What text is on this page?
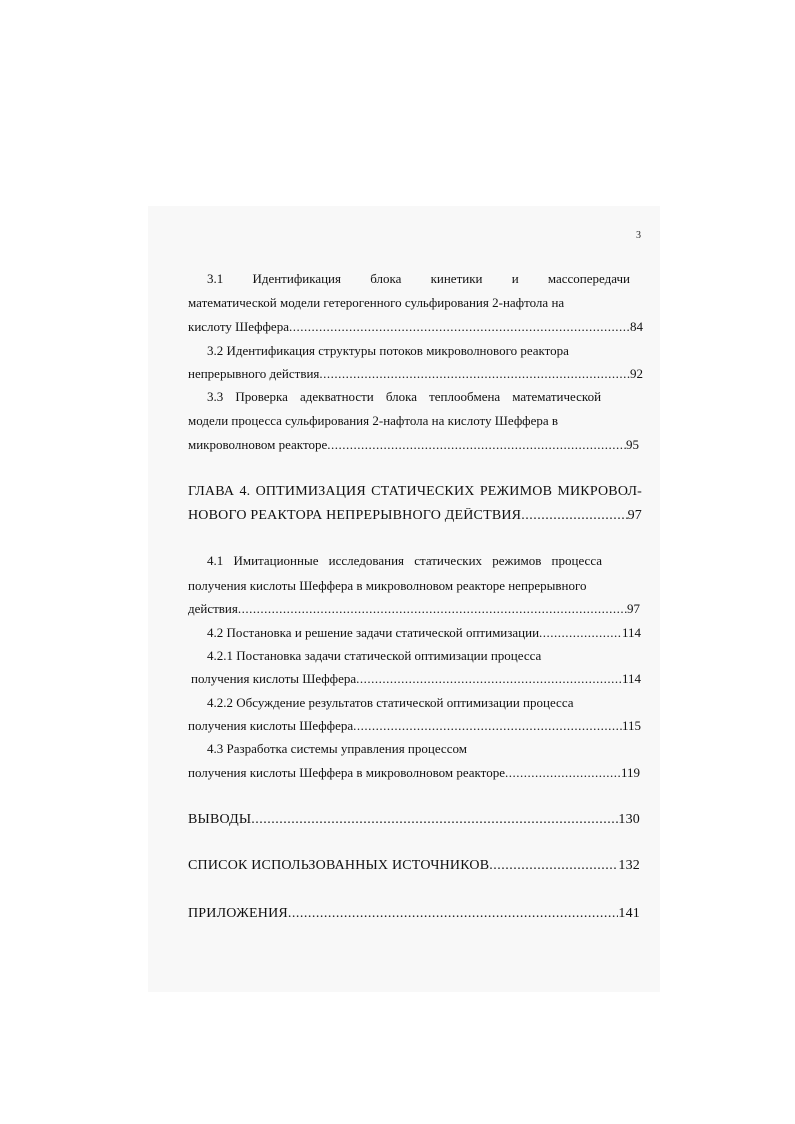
3
3.1 Идентификация блока кинетики и массопередачи
математической модели гетерогенного сульфирования 2-нафтола на
кислоту Шеффера .....	84
3.2 Идентификация структуры потоков микроволнового реактора
непрерывного действия .....	92
3.3 Проверка адекватности блока теплообмена математической
модели процесса сульфирования 2-нафтола на кислоту Шеффера в
микроволновом реакторе .....	95
ГЛАВА 4. ОПТИМИЗАЦИЯ СТАТИЧЕСКИХ РЕЖИМОВ МИКРОВОЛ-
НОВОГО РЕАКТОРА НЕПРЕРЫВНОГО ДЕЙСТВИЯ .....	97
4.1 Имитационные исследования статических режимов процесса
получения кислоты Шеффера в микроволновом реакторе непрерывного
действия .....	97
4.2 Постановка и решение задачи статической оптимизации .....	114
4.2.1 Постановка задачи статической оптимизации процесса
получения кислоты Шеффера .....	114
4.2.2 Обсуждение результатов статической оптимизации процесса
получения кислоты Шеффера .....	115
4.3 Разработка системы управления процессом
получения кислоты Шеффера в микроволновом реакторе .....	119
ВЫВОДЫ .....	130
СПИСОК ИСПОЛЬЗОВАННЫХ ИСТОЧНИКОВ .....	132
ПРИЛОЖЕНИЯ .....	141
